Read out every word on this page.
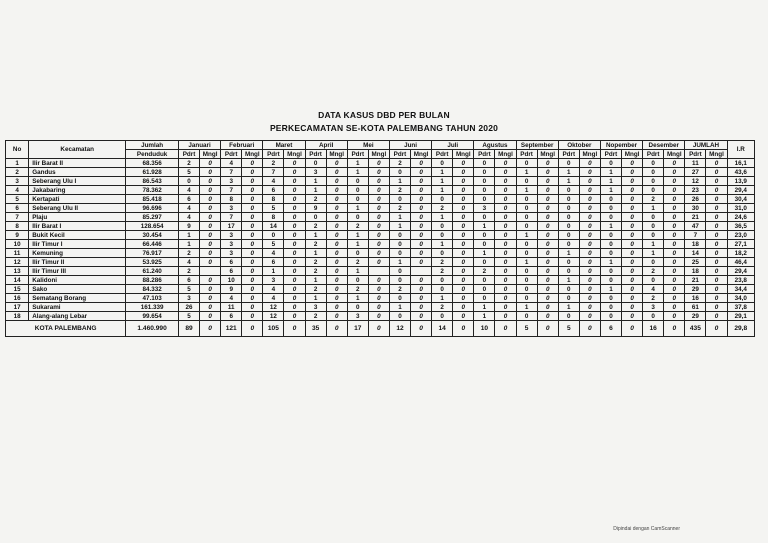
DATA KASUS DBD PER BULAN
PERKECAMATAN SE-KOTA PALEMBANG TAHUN 2020
No	Kecamatan	Jumlah	Januari		Februari		Maret		April		Mei		Juni		Juli		Agustus		September		Oktober		Nopember		Desember		JUMLAH		I.R
		Penduduk	Pdrt	Mngl	Pdrt	Mngl	Pdrt	Mngl	Pdrt	Mngl	Pdrt	Mngl	Pdrt	Mngl	Pdrt	Mngl	Pdrt	Mngl	Pdrt	Mngl	Pdrt	Mngl	Pdrt	Mngl	Pdrt	Mngl	Pdrt	Mngl	
1	Ilir Barat II	68.356	2	0	4	0	2	0	0	0	1	0	2	0	0	0	0	0	0	0	0	0	0	0	0	0	11	0	16,1
2	Gandus	61.928	5	0	7	0	7	0	3	0	1	0	0	0	1	0	0	0	1	0	1	0	1	0	0	0	27	0	43,6
3	Seberang Ulu I	86.543	0	0	3	0	4	0	1	0	0	0	1	0	1	0	0	0	0	0	1	0	1	0	0	0	12	0	13,9
4	Jakabaring	78.362	4	0	7	0	6	0	1	0	0	0	2	0	1	0	0	0	1	0	0	0	1	0	0	0	23	0	29,4
5	Kertapati	85.418	6	0	8	0	8	0	2	0	0	0	0	0	0	0	0	0	0	0	0	0	0	0	2	0	26	0	30,4
6	Seberang Ulu II	96.696	4	0	3	0	5	0	9	0	1	0	2	0	2	0	3	0	0	0	0	0	0	0	1	0	30	0	31,0
7	Plaju	85.297	4	0	7	0	8	0	0	0	0	0	1	0	1	0	0	0	0	0	0	0	0	0	0	0	21	0	24,6
8	Ilir Barat I	128.654	9	0	17	0	14	0	2	0	2	0	1	0	0	0	1	0	0	0	0	0	1	0	0	0	47	0	36,5
9	Bukit Kecil	30.454	1	0	3	0	0	0	1	0	1	0	0	0	0	0	0	0	1	0	0	0	0	0	0	0	7	0	23,0
10	Ilir Timur I	66.446	1	0	3	0	5	0	2	0	1	0	0	0	1	0	0	0	0	0	0	0	0	0	1	0	18	0	27,1
11	Kemuning	76.917	2	0	3	0	4	0	1	0	0	0	0	0	0	0	1	0	0	0	1	0	0	0	1	0	14	0	18,2
12	Ilir Timur II	53.925	4	0	6	0	6	0	2	0	2	0	1	0	2	0	0	0	1	0	0	0	1	0	0	0	25	0	46,4
13	Ilir Timur III	61.240	2		6	0	1	0	2	0	1		0		2	0	2	0	0	0	0	0	0	0	2	0	18	0	29,4
14	Kalidoni	88.286	6	0	10	0	3	0	1	0	0	0	0	0	0	0	0	0	0	0	1	0	0	0	0	0	21	0	23,8
15	Sako	84.332	5	0	9	0	4	0	2	0	2	0	2	0	0	0	0	0	0	0	0	0	1	0	4	0	29	0	34,4
16	Sematang Borang	47.103	3	0	4	0	4	0	1	0	1	0	0	0	1	0	0	0	0	0	0	0	0	0	2	0	16	0	34,0
17	Sukarami	161.339	26	0	11	0	12	0	3	0	0	0	1	0	2	0	1	0	1	0	1	0	0	0	3	0	61	0	37,8
18	Alang-alang Lebar	99.654	5	0	6	0	12	0	2	0	3	0	0	0	0	0	1	0	0	0	0	0	0	0	0	0	29	0	29,1
KOTA PALEMBANG		1.460.990	89	0	121	0	105	0	35	0	17	0	12	0	14	0	10	0	5	0	5	0	6	0	16	0	435	0	29,8
Dipindai dengan CamScanner
